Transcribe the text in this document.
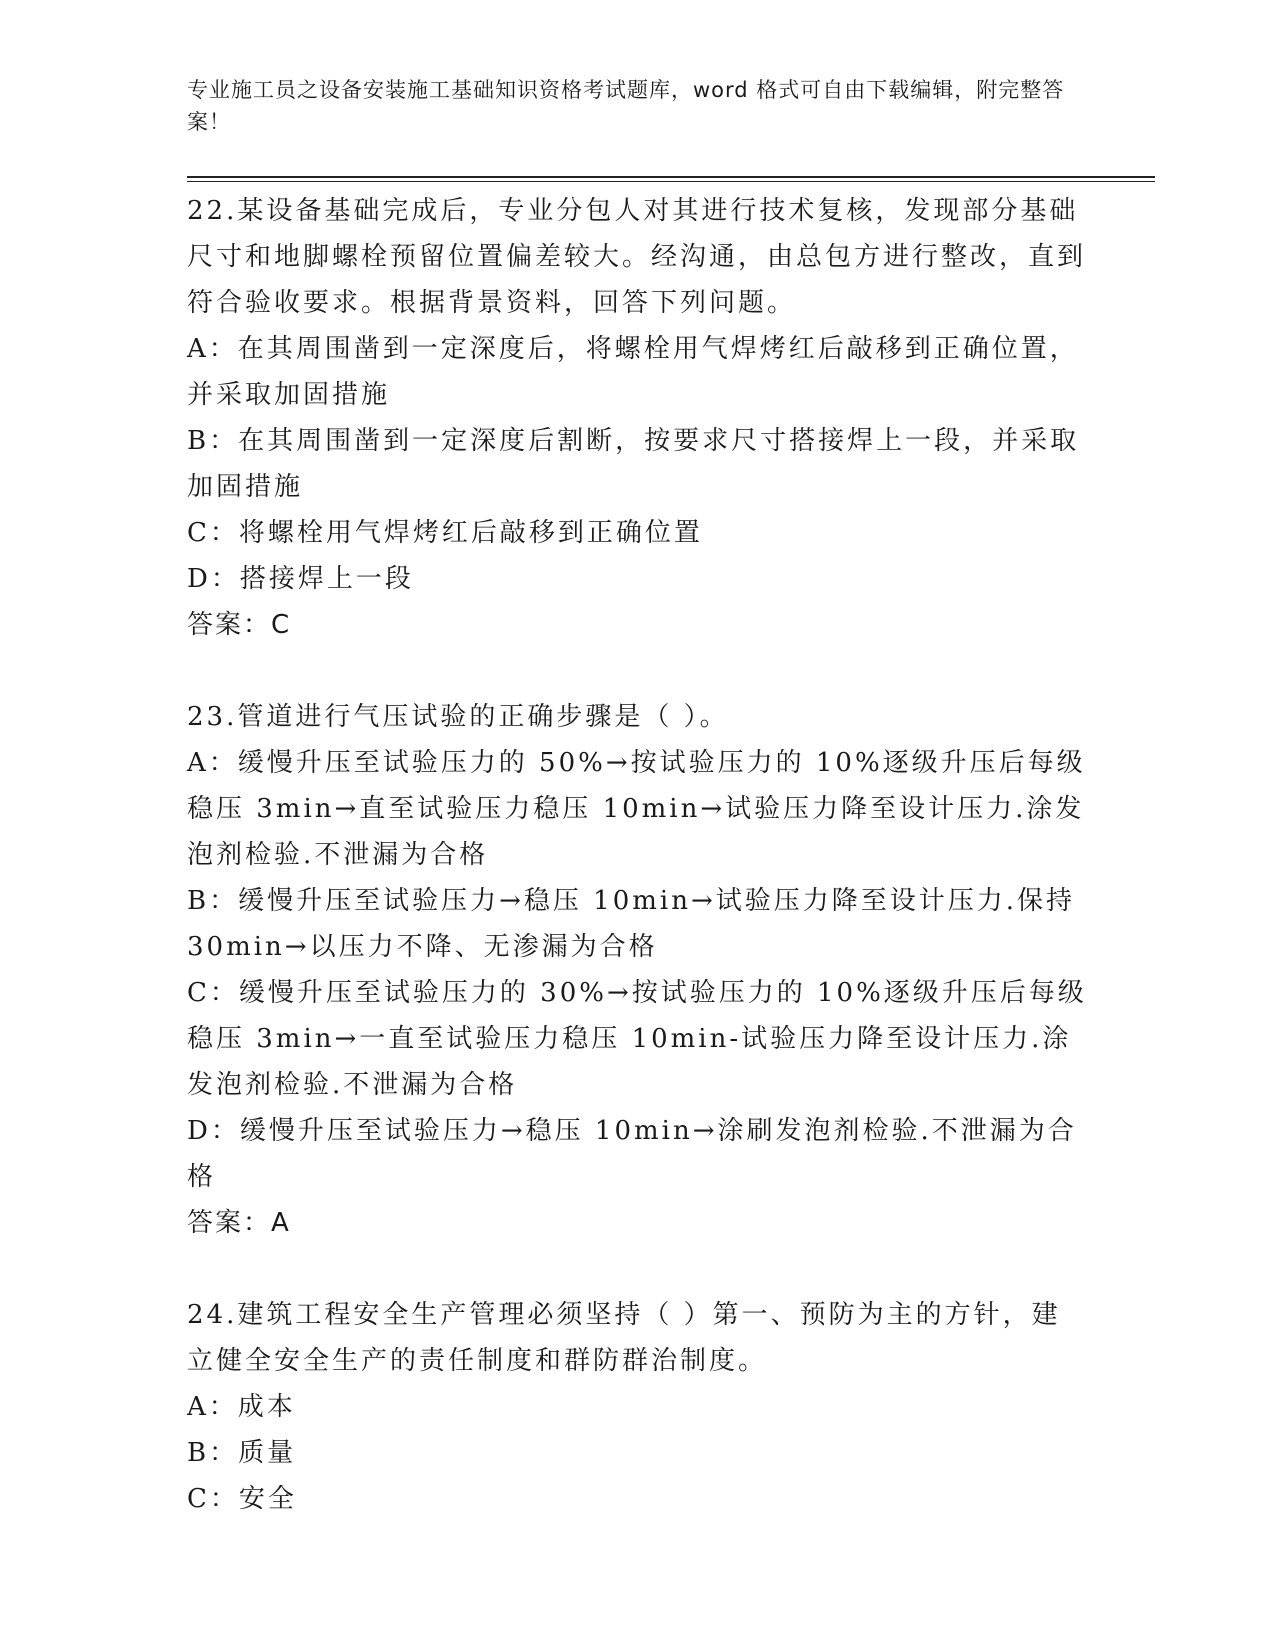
专业施工员之设备安装施工基础知识资格考试题库，word 格式可自由下载编辑，附完整答案！
22.某设备基础完成后，专业分包人对其进行技术复核，发现部分基础尺寸和地脚螺栓预留位置偏差较大。经沟通，由总包方进行整改，直到符合验收要求。根据背景资料，回答下列问题。
A：在其周围凿到一定深度后，将螺栓用气焊烤红后敲移到正确位置，并采取加固措施
B：在其周围凿到一定深度后割断，按要求尺寸搭接焊上一段，并采取加固措施
C：将螺栓用气焊烤红后敲移到正确位置
D：搭接焊上一段
答案：C
23.管道进行气压试验的正确步骤是（ ）。
A：缓慢升压至试验压力的 50%→按试验压力的 10%逐级升压后每级稳压 3min→直至试验压力稳压 10min→试验压力降至设计压力.涂发泡剂检验.不泄漏为合格
B：缓慢升压至试验压力→稳压 10min→试验压力降至设计压力.保持30min→以压力不降、无渗漏为合格
C：缓慢升压至试验压力的 30%→按试验压力的 10%逐级升压后每级稳压 3min→一直至试验压力稳压 10min-试验压力降至设计压力.涂发泡剂检验.不泄漏为合格
D：缓慢升压至试验压力→稳压 10min→涂刷发泡剂检验.不泄漏为合格
答案：A
24.建筑工程安全生产管理必须坚持（ ）第一、预防为主的方针，建立健全安全生产的责任制度和群防群治制度。
A：成本
B：质量
C：安全
